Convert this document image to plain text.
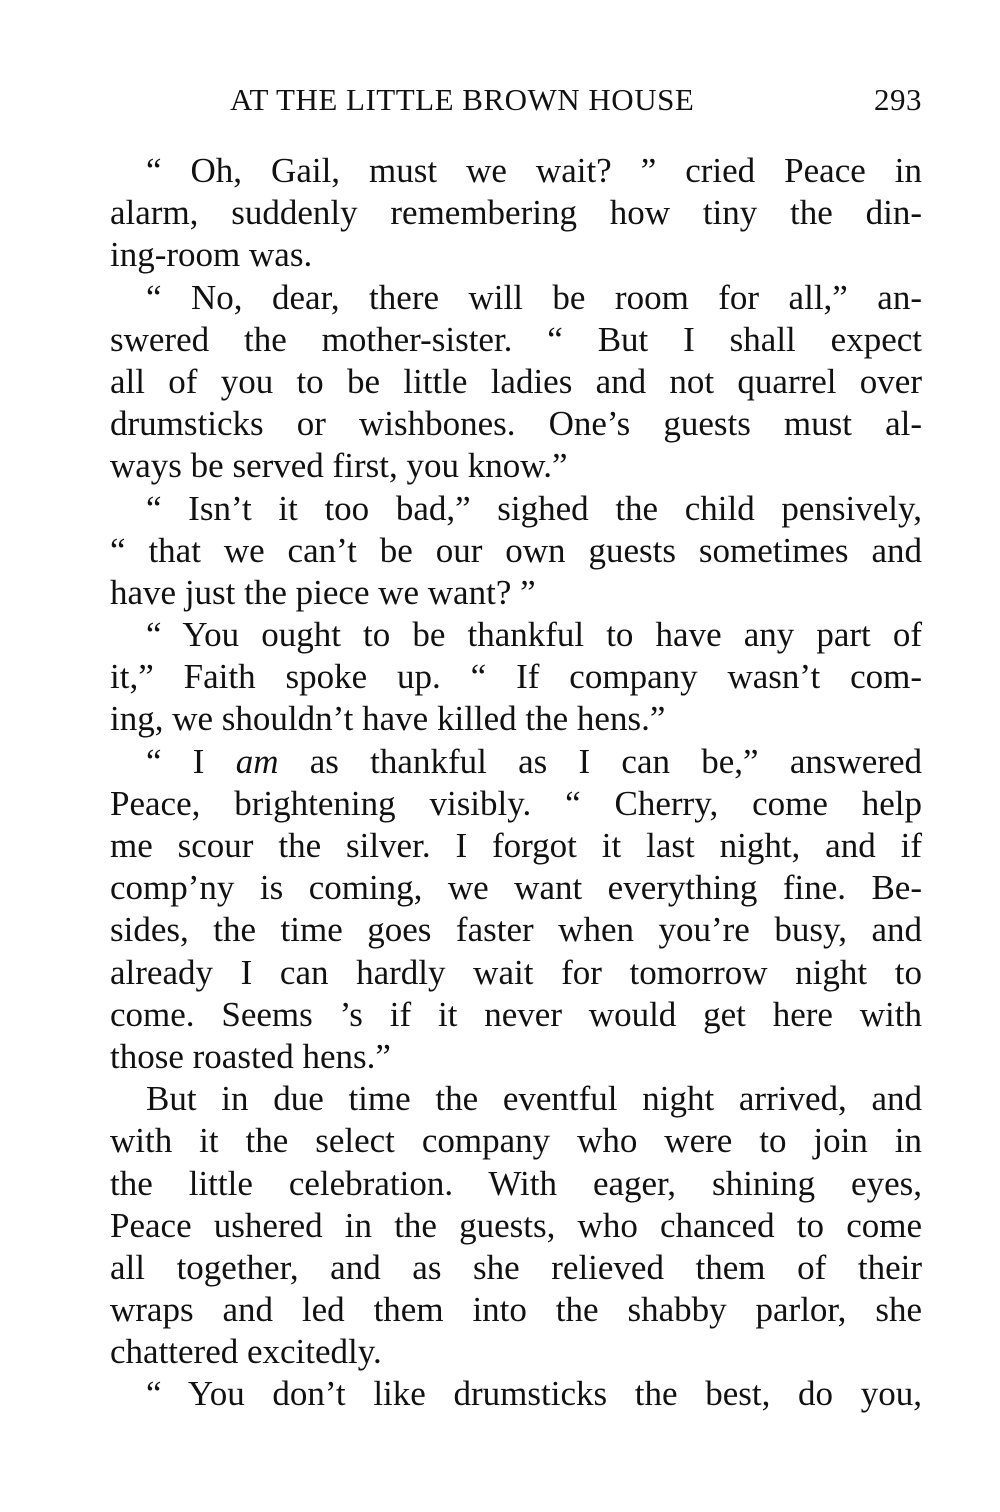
AT THE LITTLE BROWN HOUSE	293

“ Oh, Gail, must we wait? ” cried Peace in
alarm, suddenly remembering how tiny the din-
ing-room was.

“ No, dear, there will be room for all,” an-
swered the mother-sister. “ But I shall expect
all of you to be little ladies and not quarrel over
drumsticks or wishbones. One’s guests must al-
ways be served first, you know.”

“ Isn’t it too bad,” sighed the child pensively,
“ that we can’t be our own guests sometimes and
have just the piece we want? ”

“ You ought to be thankful to have any part of
it,” Faith spoke up. “ If company wasn’t com-
ing, we shouldn’t have killed the hens.”

“ I am as thankful as I can be,” answered
Peace, brightening visibly. “ Cherry, come help
me scour the silver. I forgot it last night, and if
comp’ny is coming, we want everything fine. Be-
sides, the time goes faster when you’re busy, and
already I can hardly wait for tomorrow night to
come. Seems ’s if it never would get here with
those roasted hens.”

But in due time the eventful night arrived, and
with it the select company who were to join in
the little celebration. With eager, shining eyes,
Peace ushered in the guests, who chanced to come
all together, and as she relieved them of their
wraps and led them into the shabby parlor, she
chattered excitedly.

“ You don’t like drumsticks the best, do you,
